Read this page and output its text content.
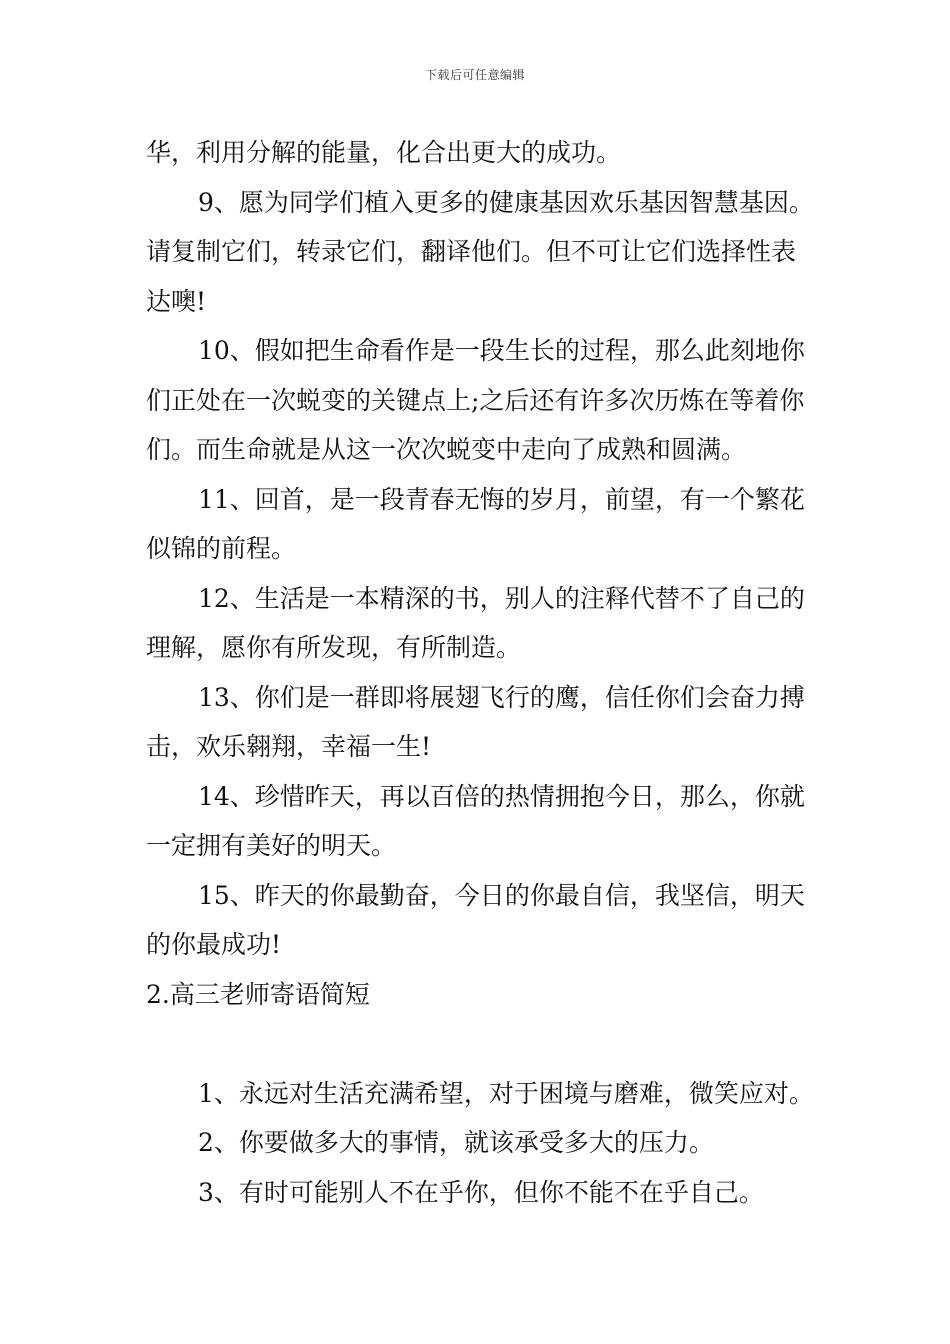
下载后可任意编辑

华，利用分解的能量，化合出更大的成功。

9、愿为同学们植入更多的健康基因欢乐基因智慧基因。请复制它们，转录它们，翻译他们。但不可让它们选择性表达噢!

10、假如把生命看作是一段生长的过程，那么此刻地你们正处在一次蜕变的关键点上;之后还有许多次历炼在等着你们。而生命就是从这一次次蜕变中走向了成熟和圆满。

11、回首，是一段青春无悔的岁月，前望，有一个繁花似锦的前程。

12、生活是一本精深的书，别人的注释代替不了自己的理解，愿你有所发现，有所制造。

13、你们是一群即将展翅飞行的鹰，信任你们会奋力搏击，欢乐翱翔，幸福一生!

14、珍惜昨天，再以百倍的热情拥抱今日，那么，你就一定拥有美好的明天。

15、昨天的你最勤奋，今日的你最自信，我坚信，明天的你最成功!

2.高三老师寄语简短

1、永远对生活充满希望，对于困境与磨难，微笑应对。

2、你要做多大的事情，就该承受多大的压力。

3、有时可能别人不在乎你，但你不能不在乎自己。
